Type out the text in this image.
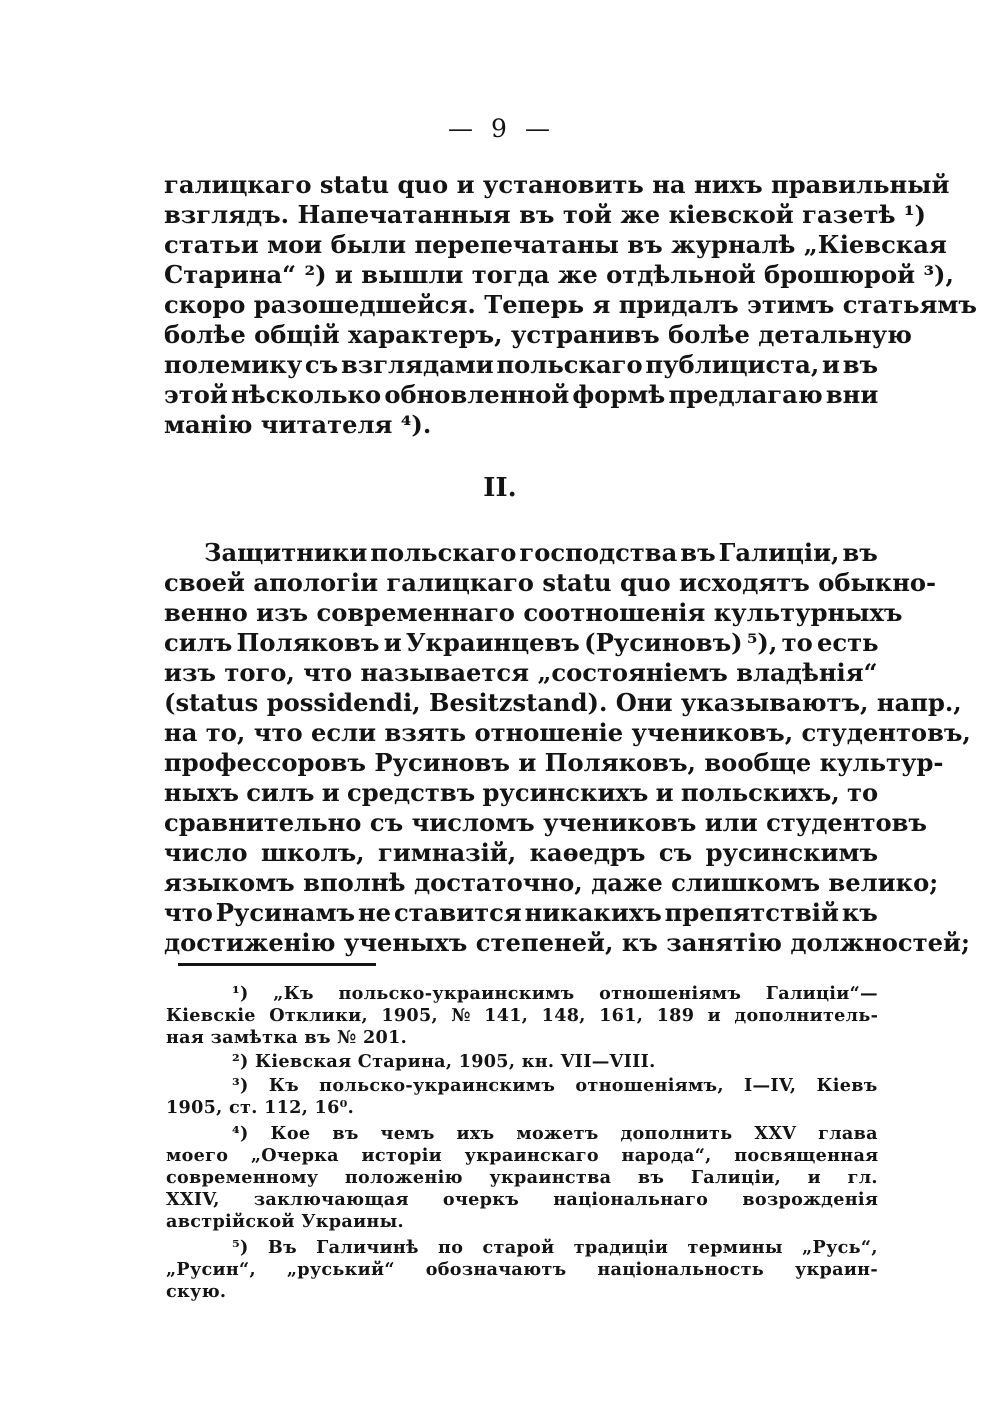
— 9 —
галицкаго statu quo и установить на нихъ правильный
взглядъ. Напечатанныя въ той же кіевской газетѣ ¹)
статьи мои были перепечатаны въ журналѣ „Кіевская
Старина“ ²) и вышли тогда же отдѣльной брошюрой ³),
скоро разошедшейся. Теперь я придалъ этимъ статьямъ
болѣе общій характеръ, устранивъ болѣе детальную
полемику съ взглядами польскаго публициста, и въ
этой нѣсколько обновленной формѣ предлагаю вни
манію читателя ⁴).
II.
Защитники польскаго господства въ Галиціи, въ
своей апологіи галицкаго statu quo исходятъ обыкно-
венно изъ современнаго соотношенія культурныхъ
силъ Поляковъ и Украинцевъ (Русиновъ) ⁵), то есть
изъ того, что называется „состояніемъ владѣнія“
(status possidendi, Besitzstand). Они указываютъ, напр.,
на то, что если взять отношеніе учениковъ, студентовъ,
профессоровъ Русиновъ и Поляковъ, вообще культур-
ныхъ силъ и средствъ русинскихъ и польскихъ, то
сравнительно съ числомъ учениковъ или студентовъ
число школъ, гимназій, каѳедръ съ русинскимъ
языкомъ вполнѣ достаточно, даже слишкомъ велико;
что Русинамъ не ставится никакихъ препятствій къ
достиженію ученыхъ степеней, къ занятію должностей;
¹) „Къ польско-украинскимъ отношеніямъ Галиціи“—
Кіевскіе Отклики, 1905, № 141, 148, 161, 189 и дополнитель-
ная замѣтка въ № 201.
²) Кіевская Старина, 1905, кн. VII—VIII.
³) Къ польско-украинскимъ отношеніямъ, I—IV, Кіевъ
1905, ст. 112, 16⁰.
⁴) Кое въ чемъ ихъ можетъ дополнить XXV глава
моего „Очерка исторіи украинскаго народа“, посвященная
современному положенію украинства въ Галиціи, и гл.
XXIV, заключающая очеркъ національнаго возрожденія
австрійской Украины.
⁵) Въ Галичинѣ по старой традиціи термины „Русь“,
„Русин“, „руський“ обозначаютъ національность украин-
скую.
